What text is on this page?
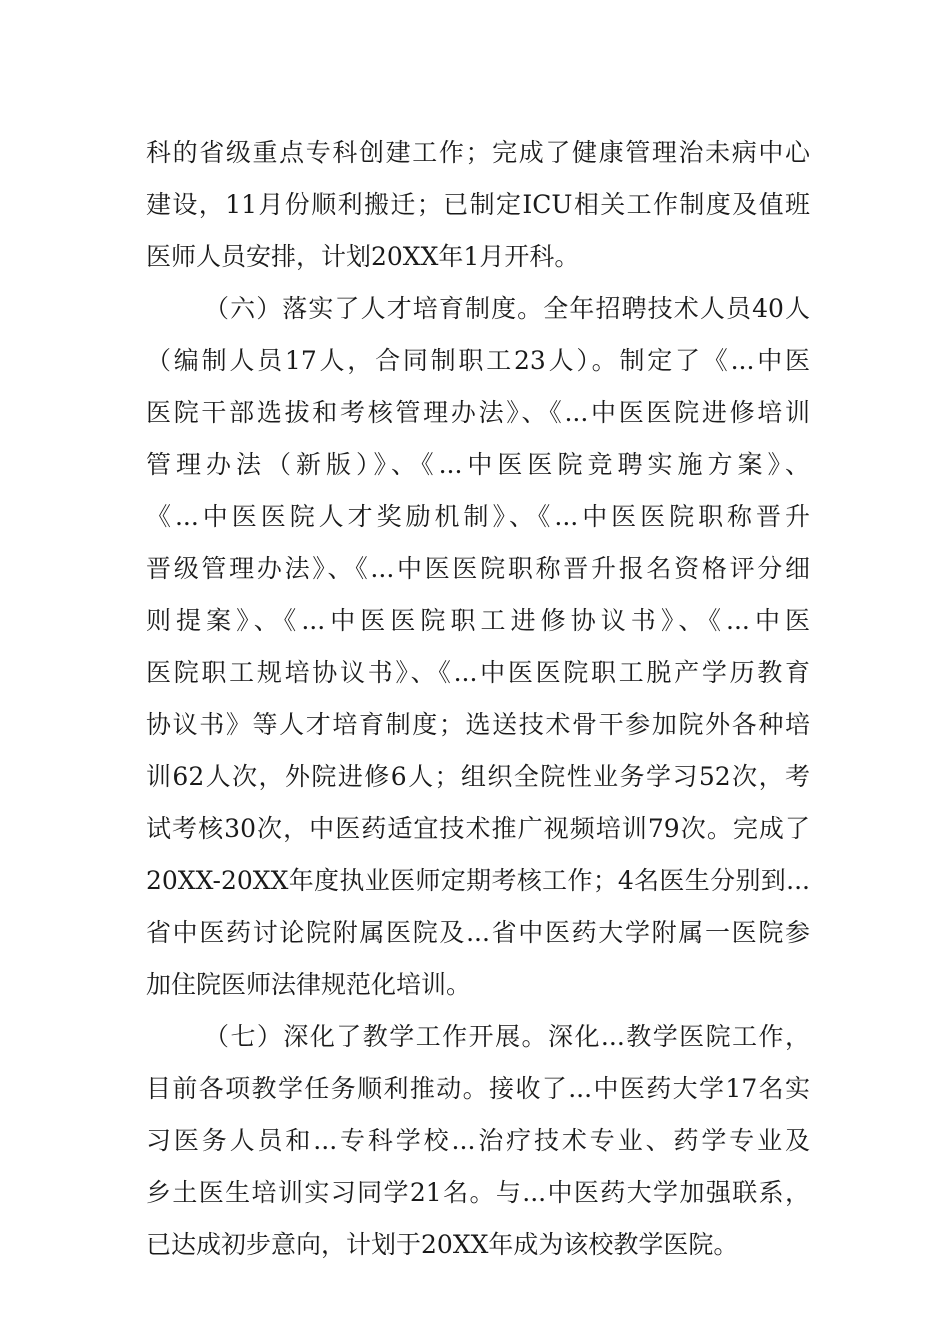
科的省级重点专科创建工作；完成了健康管理治未病中心
建设，11月份顺利搬迁；已制定ICU相关工作制度及值班
医师人员安排，计划20XX年1月开科。
（六）落实了人才培育制度。全年招聘技术人员40人
（编制人员17人，合同制职工23人）。制定了《...中医
医院干部选拔和考核管理办法》、《...中医医院进修培训
管理办法（新版）》、《...中医医院竞聘实施方案》、
《...中医医院人才奖励机制》、《...中医医院职称晋升
晋级管理办法》、《...中医医院职称晋升报名资格评分细
则提案》、《...中医医院职工进修协议书》、《...中医
医院职工规培协议书》、《...中医医院职工脱产学历教育
协议书》等人才培育制度；选送技术骨干参加院外各种培
训62人次，外院进修6人；组织全院性业务学习52次，考
试考核30次，中医药适宜技术推广视频培训79次。完成了
20XX-20XX年度执业医师定期考核工作；4名医生分别到...
省中医药讨论院附属医院及...省中医药大学附属一医院参
加住院医师法律规范化培训。
（七）深化了教学工作开展。深化...教学医院工作，
目前各项教学任务顺利推动。接收了...中医药大学17名实
习医务人员和...专科学校...治疗技术专业、药学专业及
乡土医生培训实习同学21名。与...中医药大学加强联系，
已达成初步意向，计划于20XX年成为该校教学医院。
